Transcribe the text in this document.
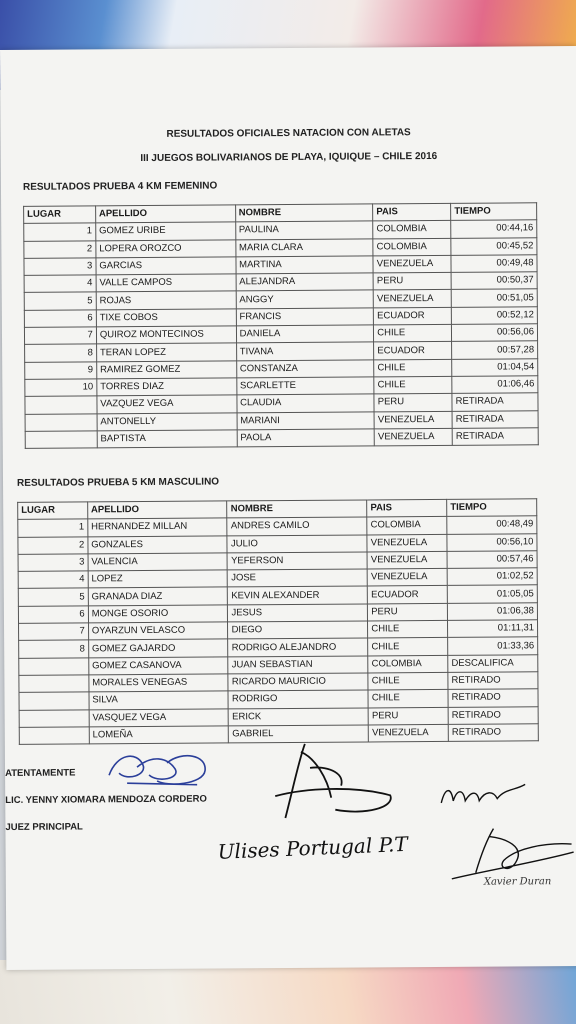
RESULTADOS OFICIALES NATACION CON ALETAS
III JUEGOS BOLIVARIANOS DE PLAYA, IQUIQUE – CHILE 2016
RESULTADOS PRUEBA 4 KM FEMENINO
LUGAR	APELLIDO	NOMBRE	PAIS	TIEMPO
1	GOMEZ URIBE	PAULINA	COLOMBIA	00:44,16
2	LOPERA OROZCO	MARIA CLARA	COLOMBIA	00:45,52
3	GARCIAS	MARTINA	VENEZUELA	00:49,48
4	VALLE CAMPOS	ALEJANDRA	PERU	00:50,37
5	ROJAS	ANGGY	VENEZUELA	00:51,05
6	TIXE COBOS	FRANCIS	ECUADOR	00:52,12
7	QUIROZ MONTECINOS	DANIELA	CHILE	00:56,06
8	TERAN LOPEZ	TIVANA	ECUADOR	00:57,28
9	RAMIREZ GOMEZ	CONSTANZA	CHILE	01:04,54
10	TORRES DIAZ	SCARLETTE	CHILE	01:06,46
	VAZQUEZ VEGA	CLAUDIA	PERU	RETIRADA
	ANTONELLY	MARIANI	VENEZUELA	RETIRADA
	BAPTISTA	PAOLA	VENEZUELA	RETIRADA
RESULTADOS PRUEBA 5 KM MASCULINO
LUGAR	APELLIDO	NOMBRE	PAIS	TIEMPO
1	HERNANDEZ MILLAN	ANDRES CAMILO	COLOMBIA	00:48,49
2	GONZALES	JULIO	VENEZUELA	00:56,10
3	VALENCIA	YEFERSON	VENEZUELA	00:57,46
4	LOPEZ	JOSE	VENEZUELA	01:02,52
5	GRANADA DIAZ	KEVIN ALEXANDER	ECUADOR	01:05,05
6	MONGE OSORIO	JESUS	PERU	01:06,38
7	OYARZUN VELASCO	DIEGO	CHILE	01:11,31
8	GOMEZ GAJARDO	RODRIGO ALEJANDRO	CHILE	01:33,36
	GOMEZ CASANOVA	JUAN SEBASTIAN	COLOMBIA	DESCALIFICA
	MORALES VENEGAS	RICARDO MAURICIO	CHILE	RETIRADO
	SILVA	RODRIGO	CHILE	RETIRADO
	VASQUEZ VEGA	ERICK	PERU	RETIRADO
	LOMEÑA	GABRIEL	VENEZUELA	RETIRADO
ATENTAMENTE
LIC. YENNY XIOMARA MENDOZA CORDERO
JUEZ PRINCIPAL
Ulises Portugal P.T
Xavier Duran
